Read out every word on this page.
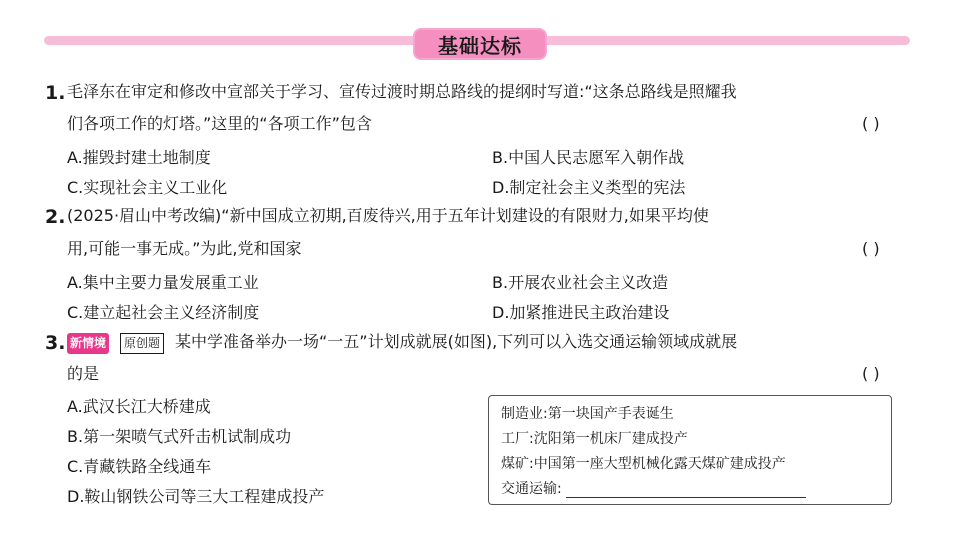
基础达标
1. 毛泽东在审定和修改中宣部关于学习、宣传过渡时期总路线的提纲时写道:“这条总路线是照耀我
们各项工作的灯塔。”这里的“各项工作”包含	( )
A.摧毁封建土地制度	B.中国人民志愿军入朝作战
C.实现社会主义工业化	D.制定社会主义类型的宪法
2. (2025·眉山中考改编)“新中国成立初期,百废待兴,用于五年计划建设的有限财力,如果平均使
用,可能一事无成。”为此,党和国家	( )
A.集中主要力量发展重工业	B.开展农业社会主义改造
C.建立起社会主义经济制度	D.加紧推进民主政治建设
3. 新情境	原创题 某中学准备举办一场“一五”计划成就展(如图),下列可以入选交通运输领域成就展
的是	( )
A.武汉长江大桥建成
B.第一架喷气式歼击机试制成功
C.青藏铁路全线通车
D.鞍山钢铁公司等三大工程建成投产
制造业:第一块国产手表诞生
工厂:沈阳第一机床厂建成投产
煤矿:中国第一座大型机械化露天煤矿建成投产
交通运输:
